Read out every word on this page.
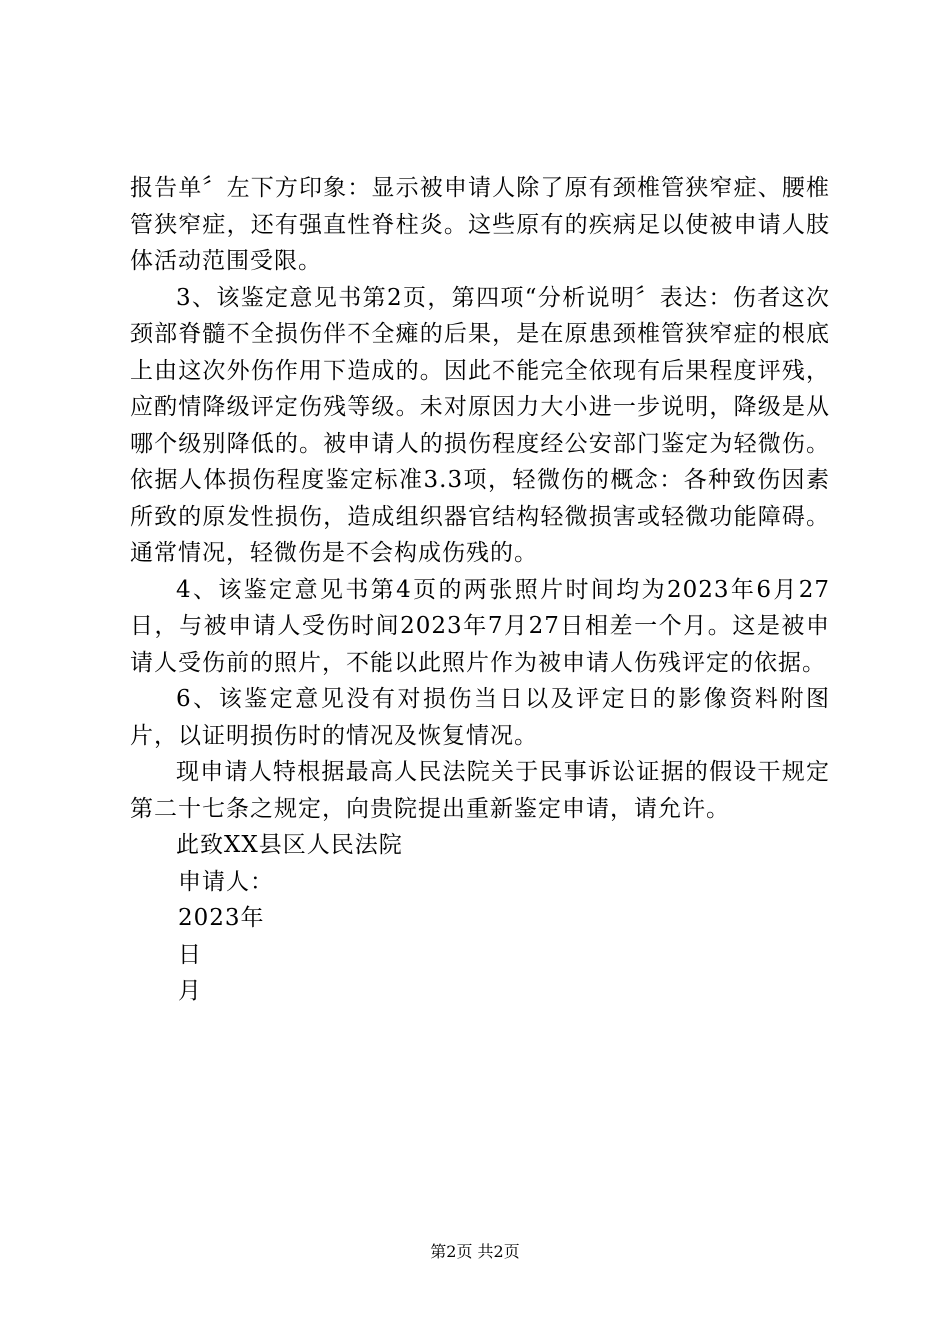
报告单〞左下方印象：显示被申请人除了原有颈椎管狭窄症、腰椎管狭窄症，还有强直性脊柱炎。这些原有的疾病足以使被申请人肢体活动范围受限。

3、该鉴定意见书第2页，第四项“分析说明〞表达：伤者这次颈部脊髓不全损伤伴不全瘫的后果，是在原患颈椎管狭窄症的根底上由这次外伤作用下造成的。因此不能完全依现有后果程度评残，应酌情降级评定伤残等级。未对原因力大小进一步说明，降级是从哪个级别降低的。被申请人的损伤程度经公安部门鉴定为轻微伤。依据人体损伤程度鉴定标准3.3项，轻微伤的概念：各种致伤因素所致的原发性损伤，造成组织器官结构轻微损害或轻微功能障碍。通常情况，轻微伤是不会构成伤残的。

4、该鉴定意见书第4页的两张照片时间均为2023年6月27日，与被申请人受伤时间2023年7月27日相差一个月。这是被申请人受伤前的照片，不能以此照片作为被申请人伤残评定的依据。

6、该鉴定意见没有对损伤当日以及评定日的影像资料附图片，以证明损伤时的情况及恢复情况。

现申请人特根据最高人民法院关于民事诉讼证据的假设干规定第二十七条之规定，向贵院提出重新鉴定申请，请允许。

此致XX县区人民法院

申请人：

2023年

日

月

第2页 共2页
